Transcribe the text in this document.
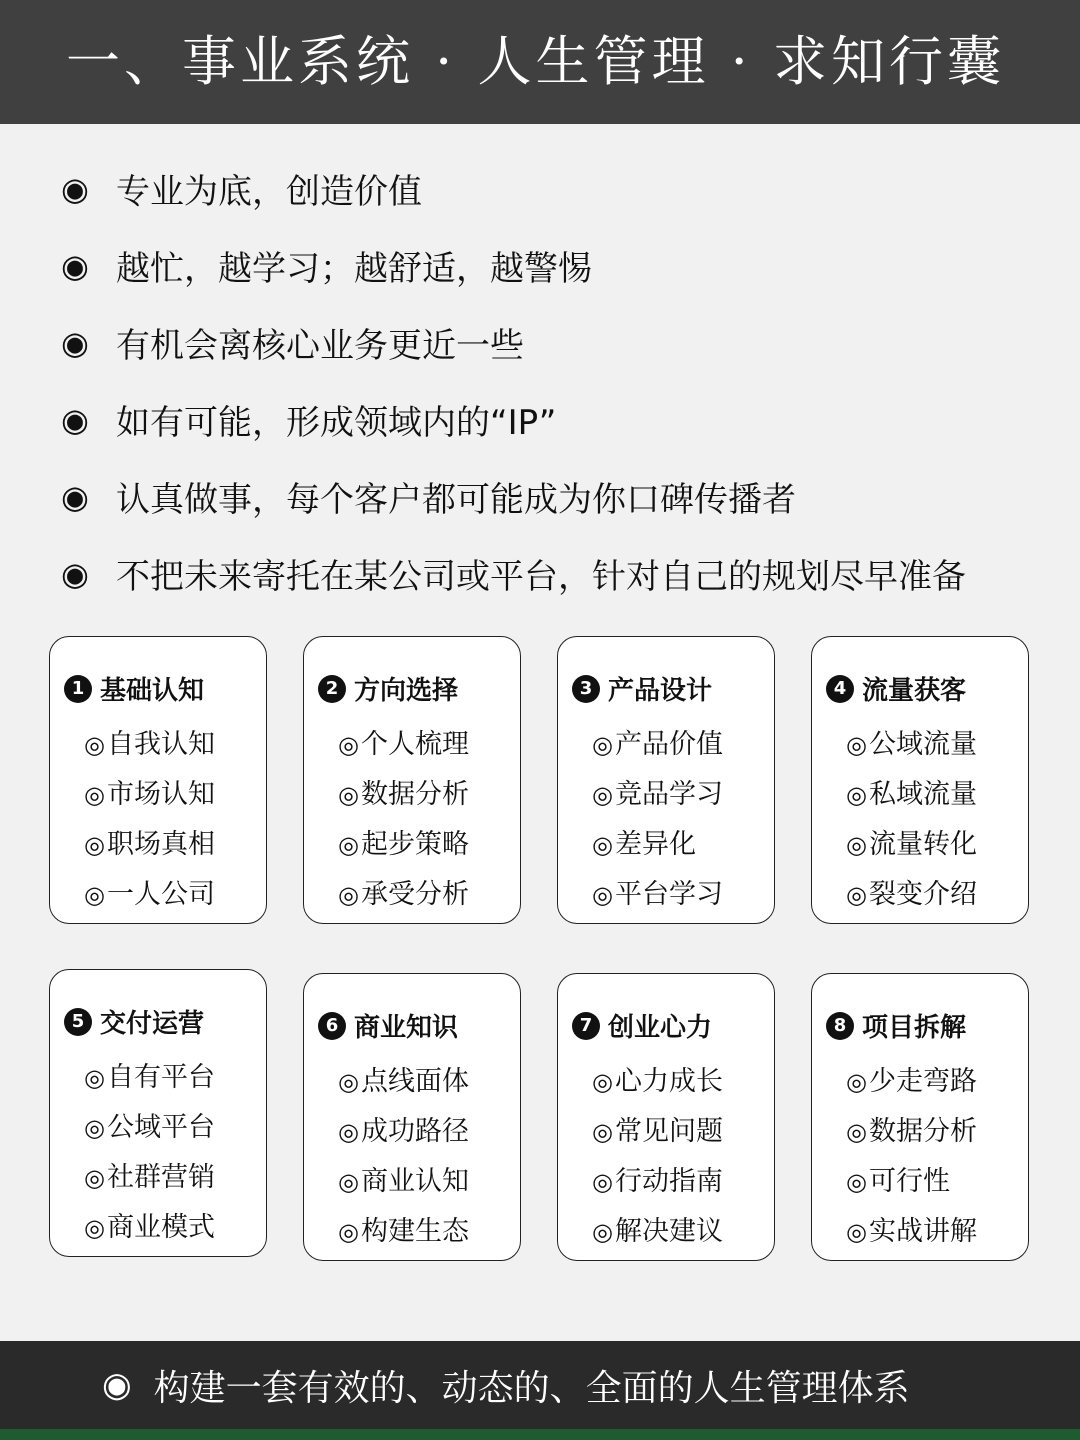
一、事业系统 · 人生管理 · 求知行囊
◉ 专业为底，创造价值
◉ 越忙，越学习；越舒适，越警惕
◉ 有机会离核心业务更近一些
◉ 如有可能，形成领域内的“IP”
◉ 认真做事，每个客户都可能成为你口碑传播者
◉ 不把未来寄托在某公司或平台，针对自己的规划尽早准备
1 基础认知
◎自我认知
◎市场认知
◎职场真相
◎一人公司
2 方向选择
◎个人梳理
◎数据分析
◎起步策略
◎承受分析
3 产品设计
◎产品价值
◎竞品学习
◎差异化
◎平台学习
4 流量获客
◎公域流量
◎私域流量
◎流量转化
◎裂变介绍
5 交付运营
◎自有平台
◎公域平台
◎社群营销
◎商业模式
6 商业知识
◎点线面体
◎成功路径
◎商业认知
◎构建生态
7 创业心力
◎心力成长
◎常见问题
◎行动指南
◎解决建议
8 项目拆解
◎少走弯路
◎数据分析
◎可行性
◎实战讲解
◉ 构建一套有效的、动态的、全面的人生管理体系
